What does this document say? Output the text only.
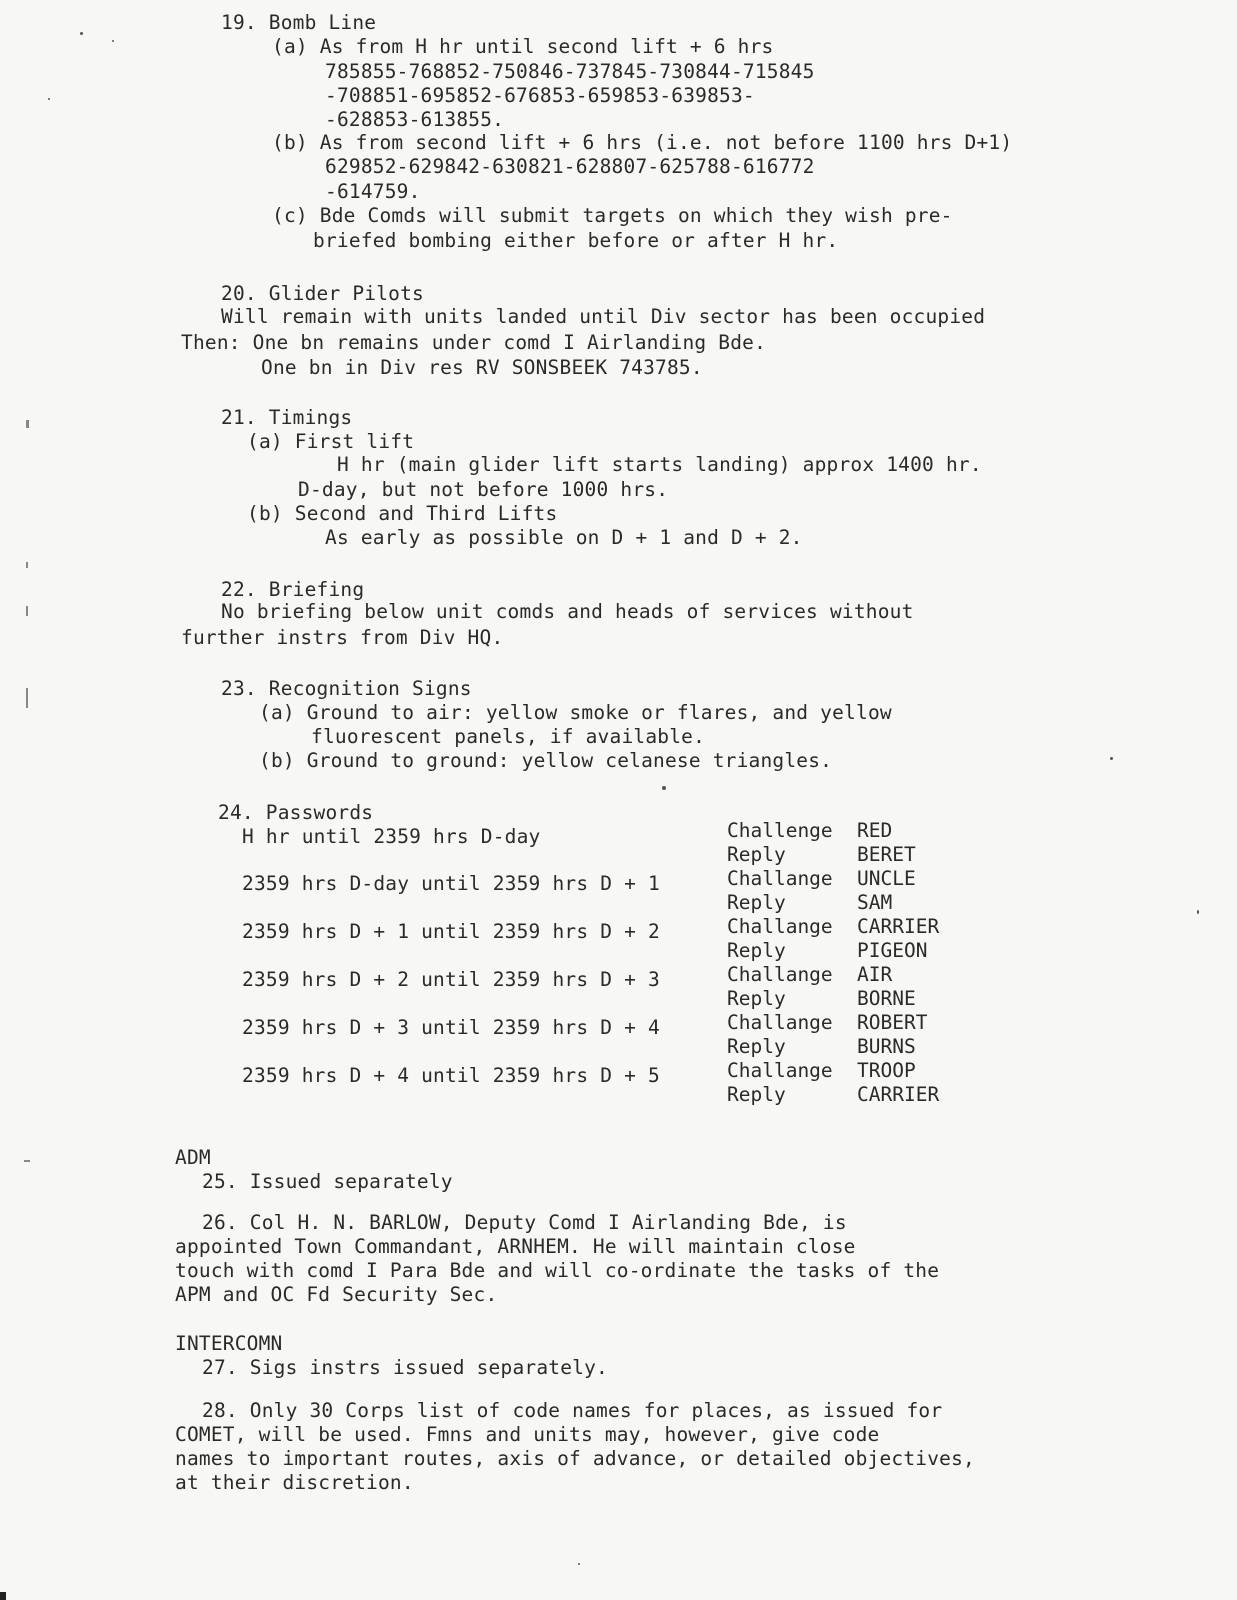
19. Bomb Line
(a) As from H hr until second lift + 6 hrs
785855-768852-750846-737845-730844-715845
-708851-695852-676853-659853-639853-
-628853-613855.
(b) As from second lift + 6 hrs (i.e. not before 1100 hrs D+1)
629852-629842-630821-628807-625788-616772
-614759.
(c) Bde Comds will submit targets on which they wish pre-
briefed bombing either before or after H hr.
20. Glider Pilots
Will remain with units landed until Div sector has been occupied
Then: One bn remains under comd I Airlanding Bde.
One bn in Div res RV SONSBEEK 743785.
21. Timings
(a) First lift
H hr (main glider lift starts landing) approx 1400 hr.
D-day, but not before 1000 hrs.
(b) Second and Third Lifts
As early as possible on D + 1 and D + 2.
22. Briefing
No briefing below unit comds and heads of services without
further instrs from Div HQ.
23. Recognition Signs
(a) Ground to air: yellow smoke or flares, and yellow
fluorescent panels, if available.
(b) Ground to ground: yellow celanese triangles.
24. Passwords
H hr until 2359 hrs D-day	Challenge RED
Reply	BERET
2359 hrs D-day until 2359 hrs D + 1	Challange UNCLE
Reply	SAM
2359 hrs D + 1 until 2359 hrs D + 2	Challange CARRIER
Reply	PIGEON
2359 hrs D + 2 until 2359 hrs D + 3	Challange AIR
Reply	BORNE
2359 hrs D + 3 until 2359 hrs D + 4	Challange ROBERT
Reply	BURNS
2359 hrs D + 4 until 2359 hrs D + 5	Challange TROOP
Reply	CARRIER
ADM
25. Issued separately
26. Col H. N. BARLOW, Deputy Comd I Airlanding Bde, is
appointed Town Commandant, ARNHEM. He will maintain close
touch with comd I Para Bde and will co-ordinate the tasks of the
APM and OC Fd Security Sec.
INTERCOMN
27. Sigs instrs issued separately.
28. Only 30 Corps list of code names for places, as issued for
COMET, will be used. Fmns and units may, however, give code
names to important routes, axis of advance, or detailed objectives,
at their discretion.
